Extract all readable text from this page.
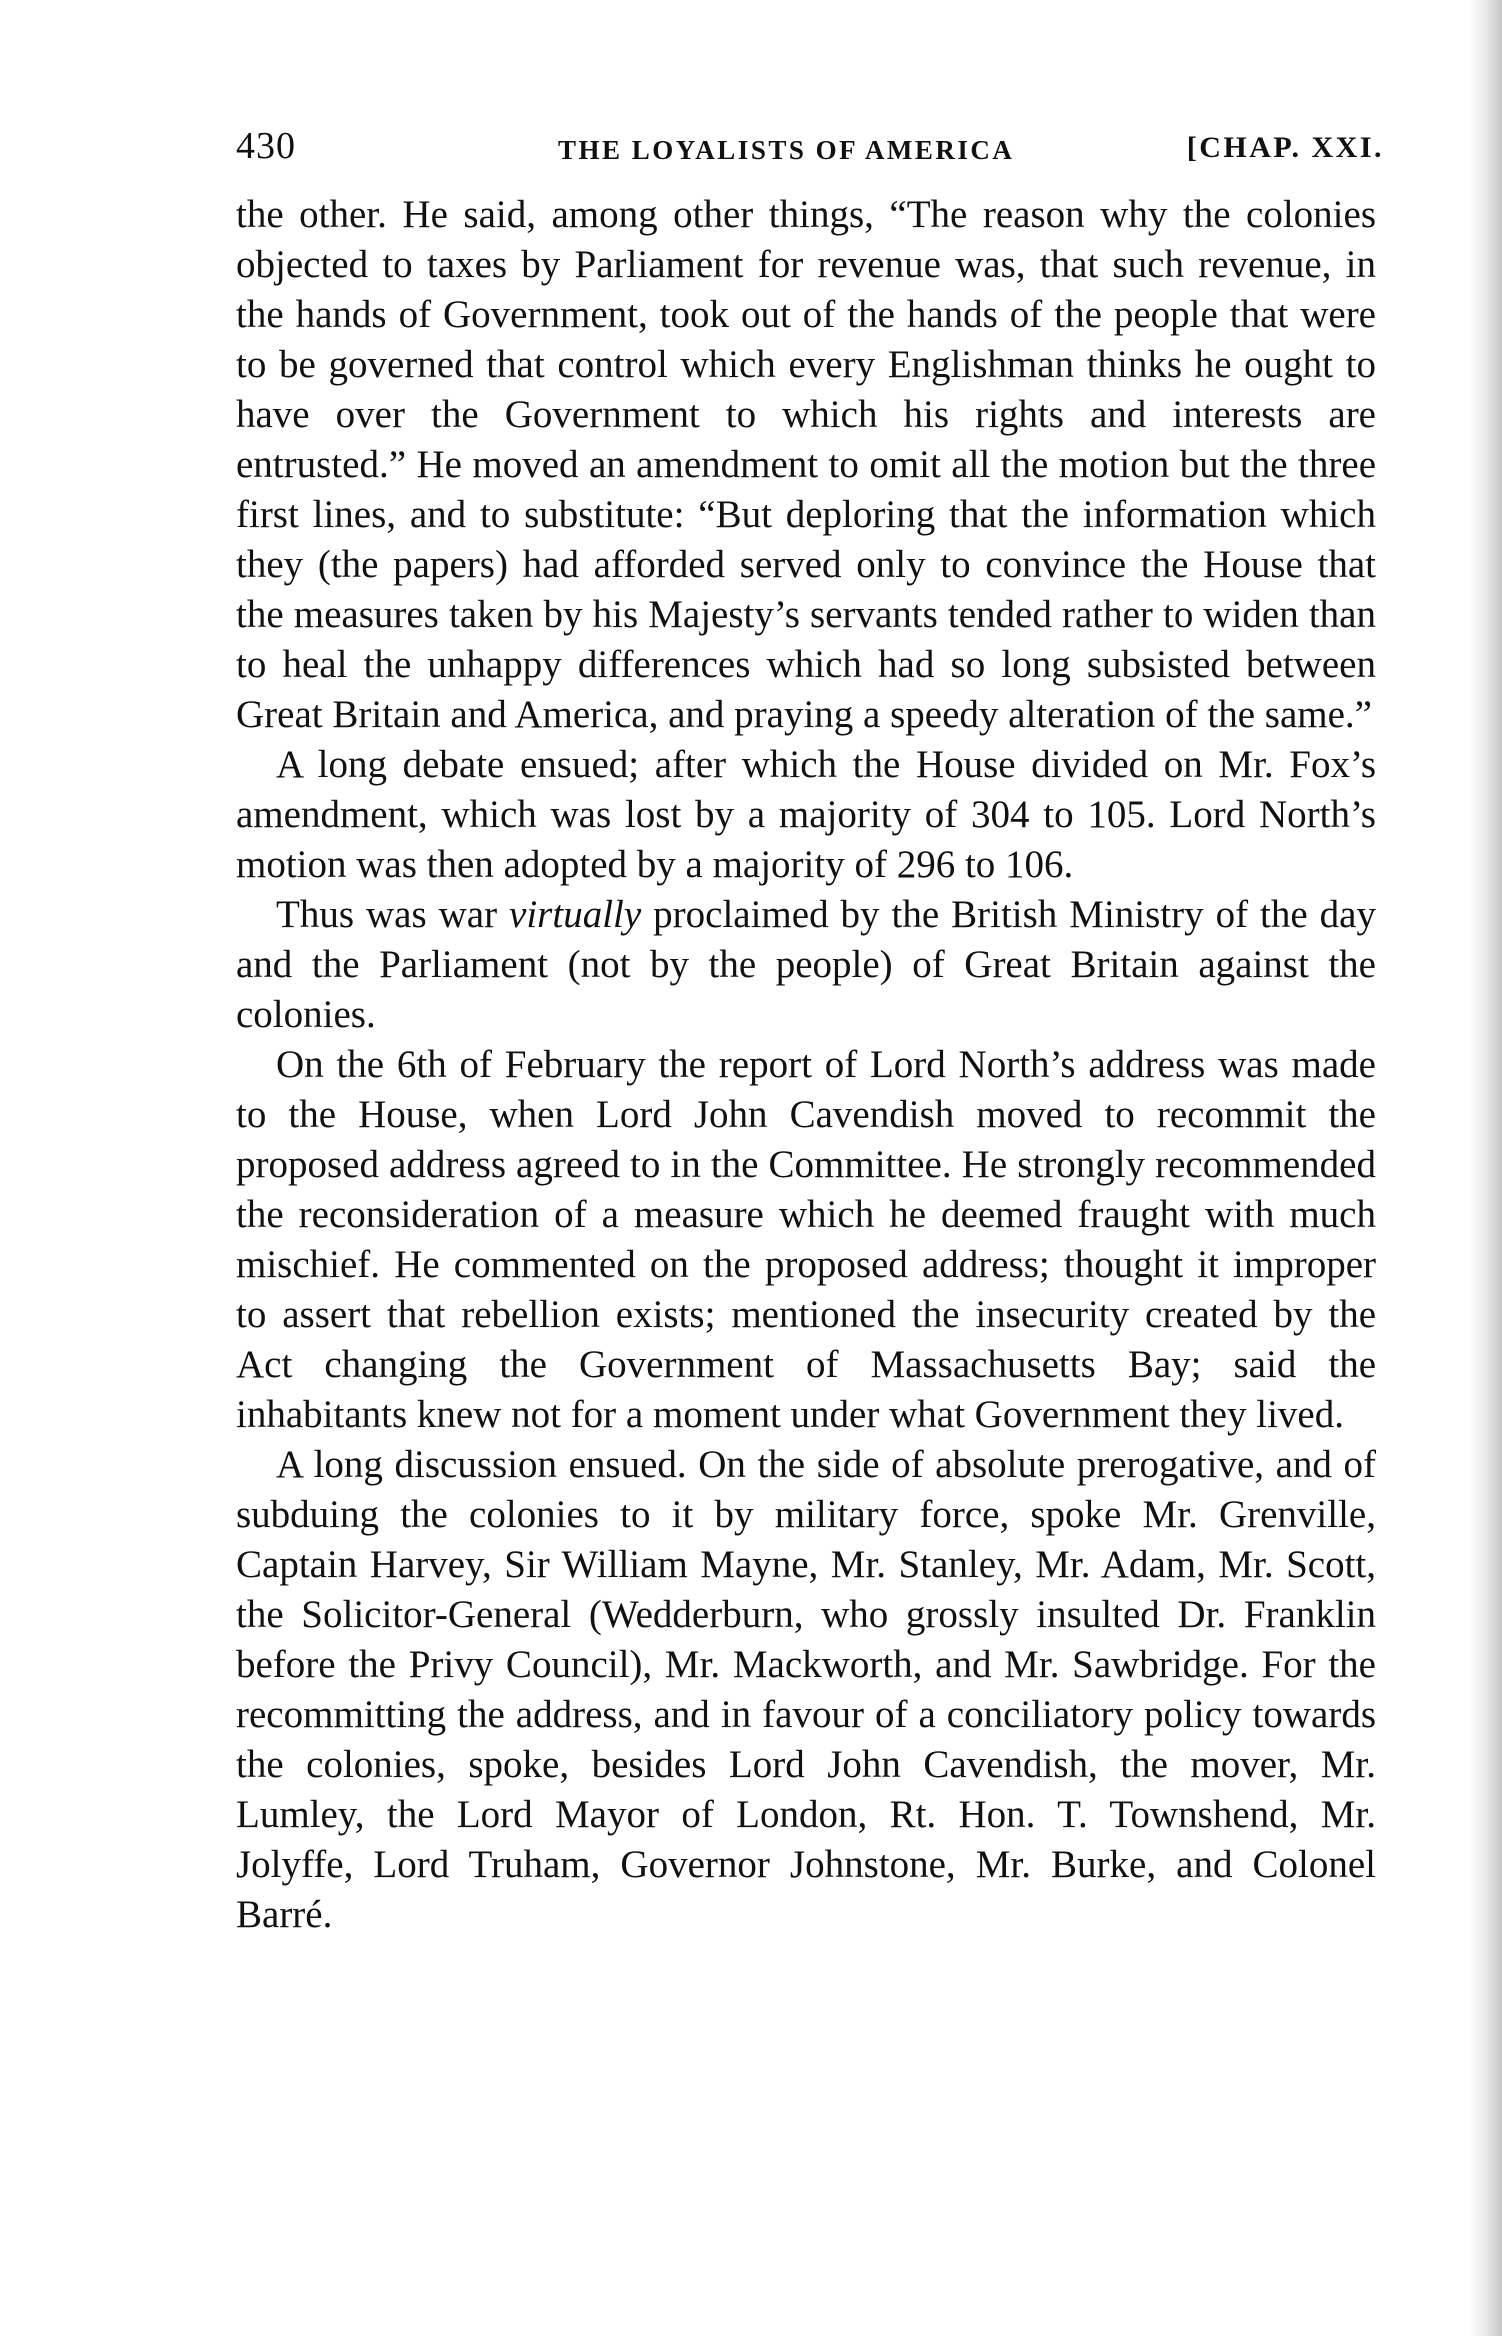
430	THE LOYALISTS OF AMERICA	[CHAP. XXI.

the other. He said, among other things, “The reason why the colonies objected to taxes by Parliament for revenue was, that such revenue, in the hands of Government, took out of the hands of the people that were to be governed that control which every Englishman thinks he ought to have over the Government to which his rights and interests are entrusted.” He moved an amendment to omit all the motion but the three first lines, and to substitute: “But deploring that the information which they (the papers) had afforded served only to convince the House that the measures taken by his Majesty’s servants tended rather to widen than to heal the unhappy differences which had so long subsisted between Great Britain and America, and praying a speedy alteration of the same.”

A long debate ensued; after which the House divided on Mr. Fox’s amendment, which was lost by a majority of 304 to 105. Lord North’s motion was then adopted by a majority of 296 to 106.

Thus was war virtually proclaimed by the British Ministry of the day and the Parliament (not by the people) of Great Britain against the colonies.

On the 6th of February the report of Lord North’s address was made to the House, when Lord John Cavendish moved to recommit the proposed address agreed to in the Committee. He strongly recommended the reconsideration of a measure which he deemed fraught with much mischief. He commented on the proposed address; thought it improper to assert that rebellion exists; mentioned the insecurity created by the Act changing the Government of Massachusetts Bay; said the inhabitants knew not for a moment under what Government they lived.

A long discussion ensued. On the side of absolute prerogative, and of subduing the colonies to it by military force, spoke Mr. Grenville, Captain Harvey, Sir William Mayne, Mr. Stanley, Mr. Adam, Mr. Scott, the Solicitor-General (Wedderburn, who grossly insulted Dr. Franklin before the Privy Council), Mr. Mackworth, and Mr. Sawbridge. For the recommitting the address, and in favour of a conciliatory policy towards the colonies, spoke, besides Lord John Cavendish, the mover, Mr. Lumley, the Lord Mayor of London, Rt. Hon. T. Townshend, Mr. Jolyffe, Lord Truham, Governor Johnstone, Mr. Burke, and Colonel Barré.
